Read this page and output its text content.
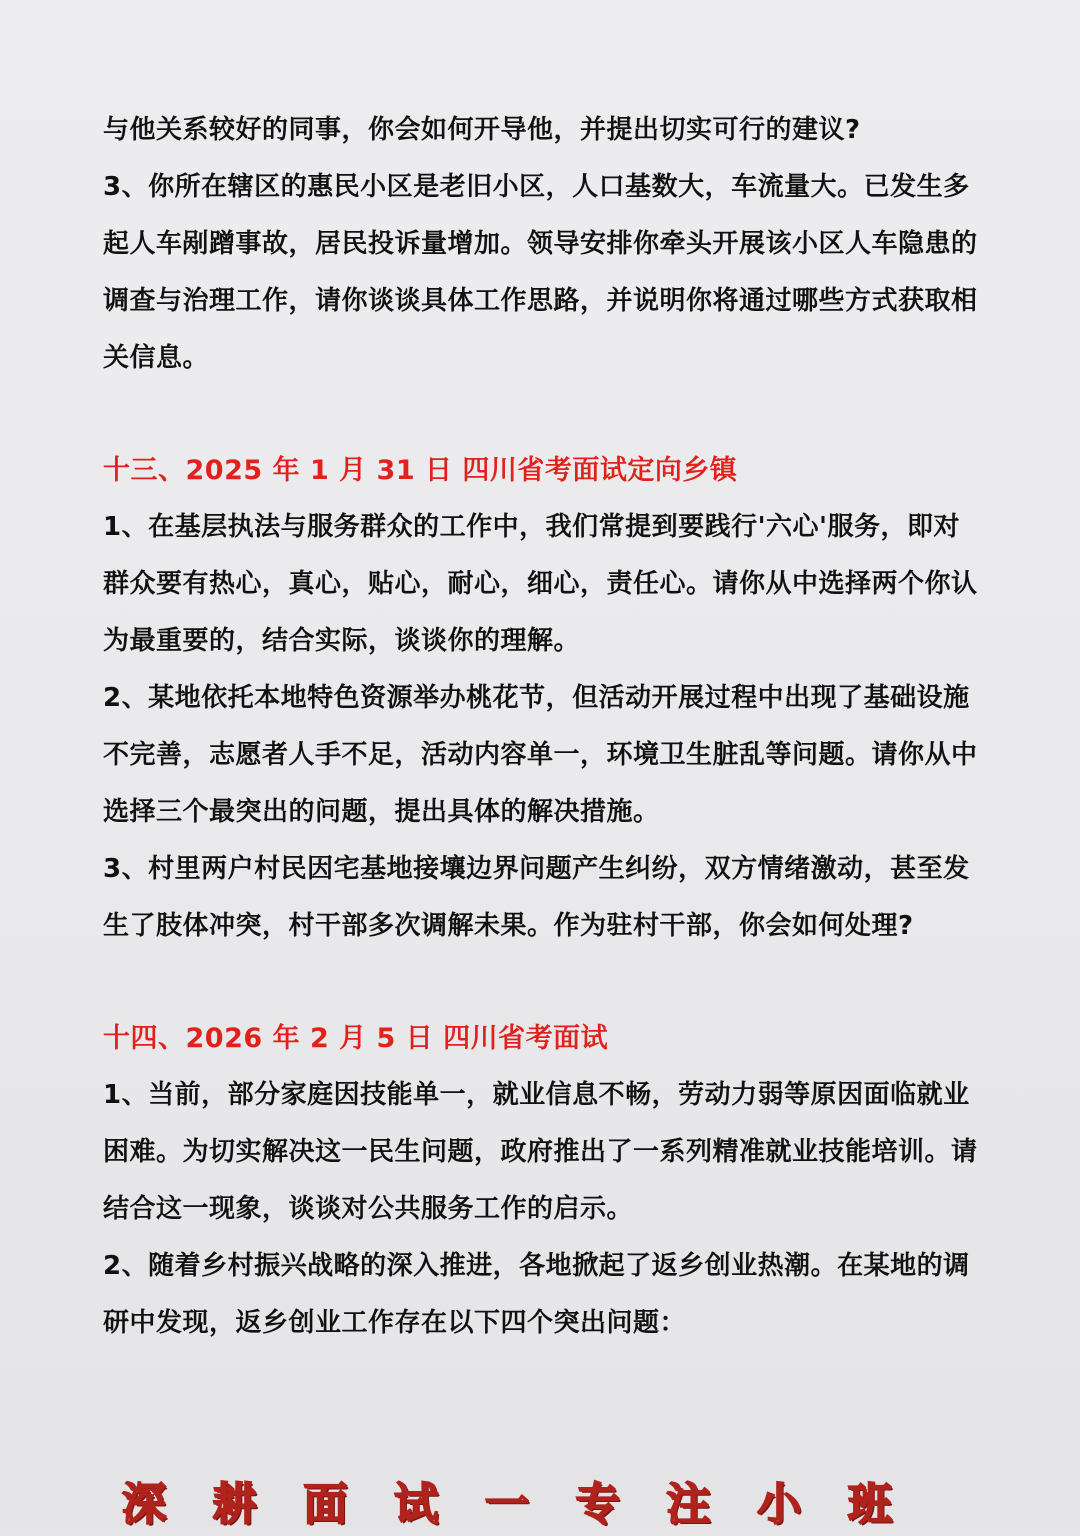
与他关系较好的同事，你会如何开导他，并提出切实可行的建议?

3、你所在辖区的惠民小区是老旧小区，人口基数大，车流量大。已发生多起人车剐蹭事故，居民投诉量增加。领导安排你牵头开展该小区人车隐患的调查与治理工作，请你谈谈具体工作思路，并说明你将通过哪些方式获取相关信息。

十三、2025 年 1 月 31 日 四川省考面试定向乡镇

1、在基层执法与服务群众的工作中，我们常提到要践行'六心'服务，即对群众要有热心，真心，贴心，耐心，细心，责任心。请你从中选择两个你认为最重要的，结合实际，谈谈你的理解。

2、某地依托本地特色资源举办桃花节，但活动开展过程中出现了基础设施不完善，志愿者人手不足，活动内容单一，环境卫生脏乱等问题。请你从中选择三个最突出的问题，提出具体的解决措施。

3、村里两户村民因宅基地接壤边界问题产生纠纷，双方情绪激动，甚至发生了肢体冲突，村干部多次调解未果。作为驻村干部，你会如何处理?

十四、2026 年 2 月 5 日 四川省考面试

1、当前，部分家庭因技能单一，就业信息不畅，劳动力弱等原因面临就业困难。为切实解决这一民生问题，政府推出了一系列精准就业技能培训。请结合这一现象，谈谈对公共服务工作的启示。

2、随着乡村振兴战略的深入推进，各地掀起了返乡创业热潮。在某地的调研中发现，返乡创业工作存在以下四个突出问题：

深 耕 面 试 一 专 注 小 班
